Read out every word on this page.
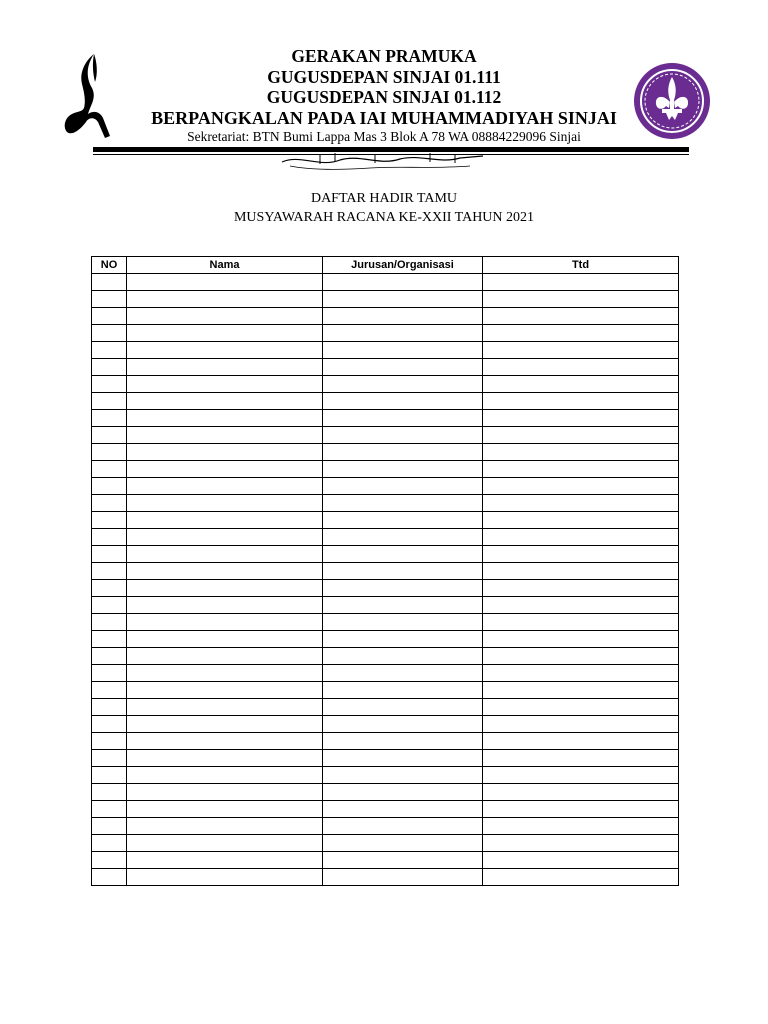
GERAKAN PRAMUKA
GUGUSDEPAN SINJAI 01.111
GUGUSDEPAN SINJAI 01.112
BERPANGKALAN PADA IAI MUHAMMADIYAH SINJAI
Sekretariat: BTN Bumi Lappa Mas 3 Blok A 78 WA 08884229096 Sinjai
DAFTAR HADIR TAMU
MUSYAWARAH RACANA KE-XXII TAHUN 2021
NO	Nama	Jurusan/Organisasi	Ttd
